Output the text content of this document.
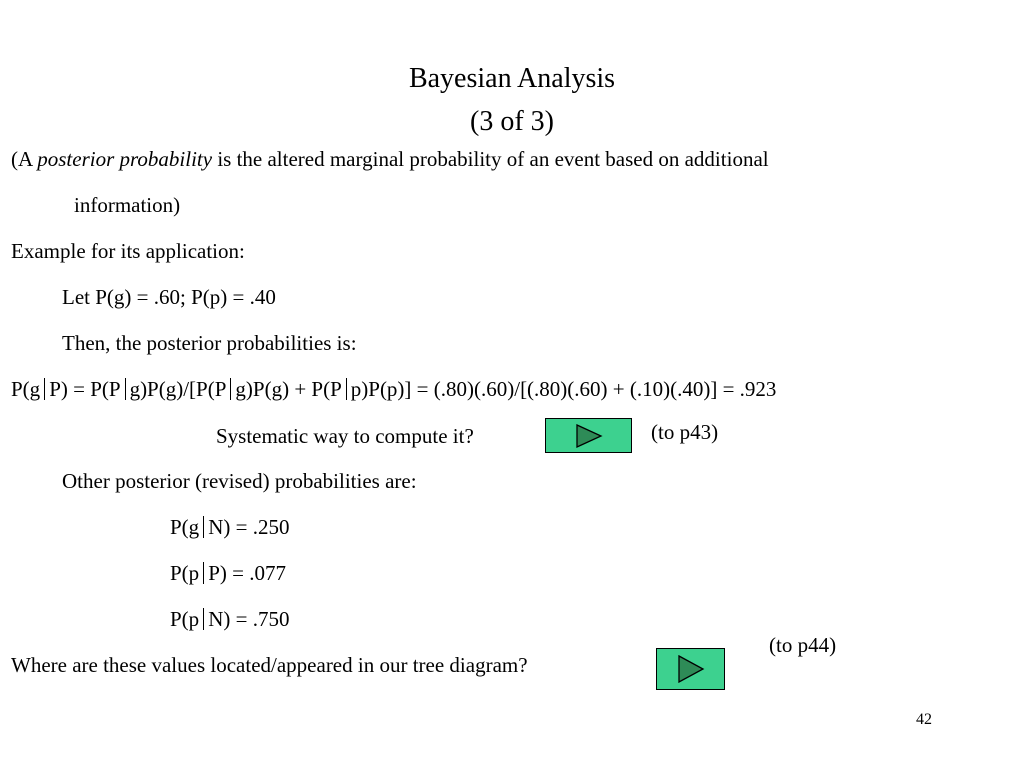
Bayesian Analysis
(3 of 3)
(A posterior probability is the altered marginal probability of an event based on additional
information)
Example for its application:
Let P(g) = .60; P(p) = .40
Then, the posterior probabilities is:
P(g P) = P(P g)P(g)/[P(P g)P(g) + P(P p)P(p)] = (.80)(.60)/[(.80)(.60) + (.10)(.40)] = .923
Systematic way to compute it?	(to p43)
Other posterior (revised) probabilities are:
P(g N) = .250
P(p P) = .077
P(p N) = .750
(to p44)
Where are these values located/appeared in our tree diagram?
42
